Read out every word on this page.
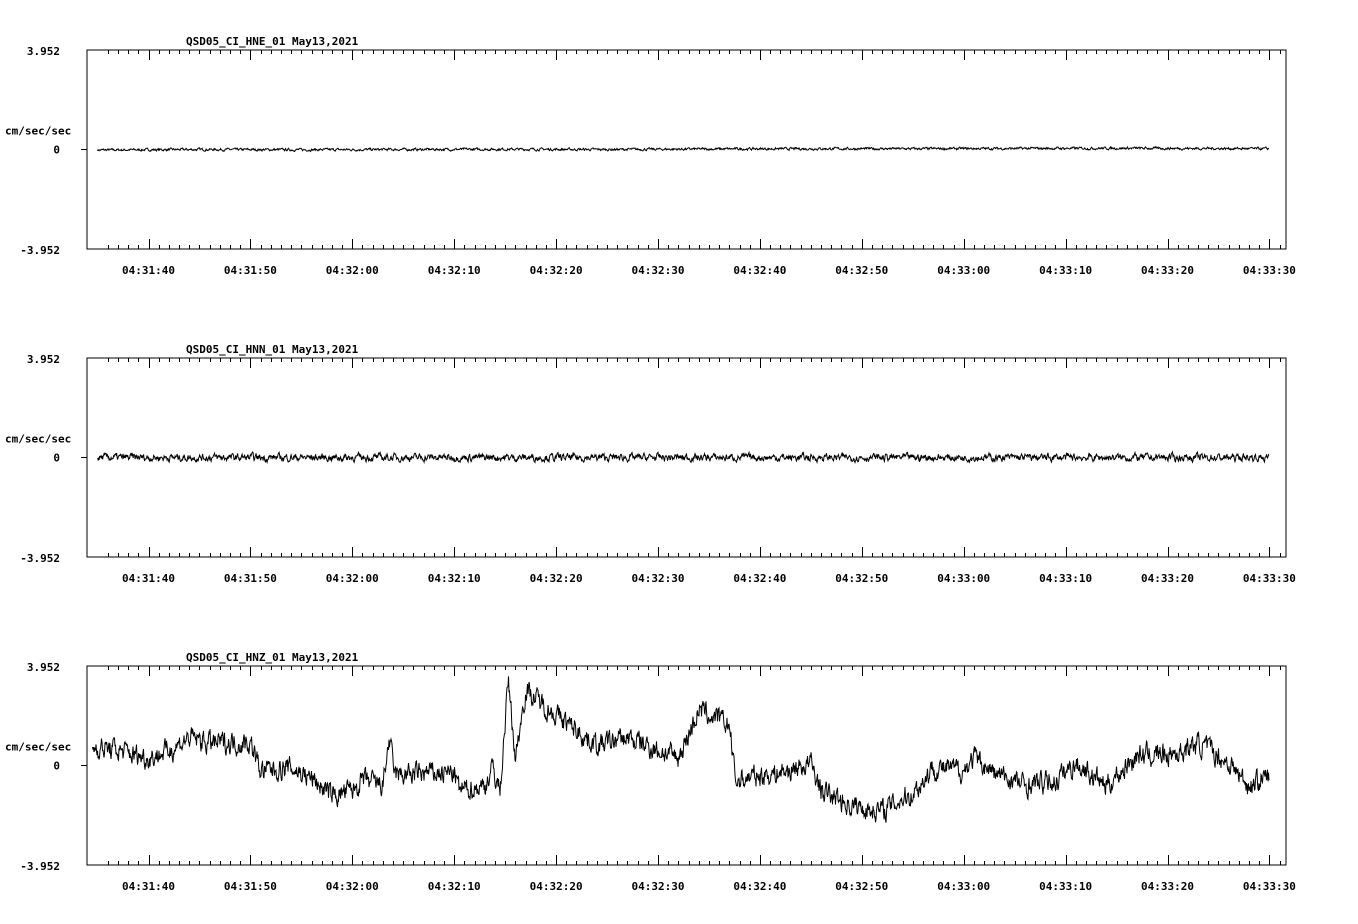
QSD05_CI_HNE_01 May13,2021
3.952
0
-3.952
cm/sec/sec
04:31:40	04:31:50	04:32:00	04:32:10	04:32:20	04:32:30	04:32:40	04:32:50	04:33:00	04:33:10	04:33:20	04:33:30
QSD05_CI_HNN_01 May13,2021
3.952
0
-3.952
cm/sec/sec
04:31:40	04:31:50	04:32:00	04:32:10	04:32:20	04:32:30	04:32:40	04:32:50	04:33:00	04:33:10	04:33:20	04:33:30
QSD05_CI_HNZ_01 May13,2021
3.952
0
-3.952
cm/sec/sec
04:31:40	04:31:50	04:32:00	04:32:10	04:32:20	04:32:30	04:32:40	04:32:50	04:33:00	04:33:10	04:33:20	04:33:30
